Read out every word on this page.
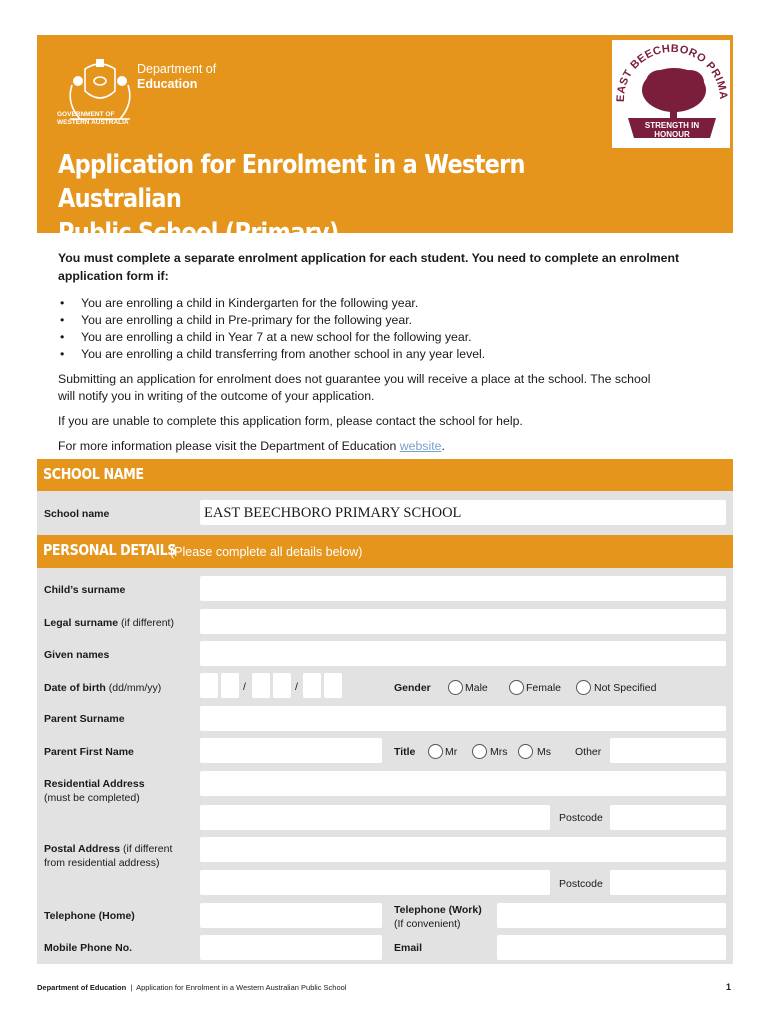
Department of
Education
GOVERNMENT OF
WESTERN AUSTRALIA
EAST BEECHBORO PRIMA
STRENGTH IN
HONOUR
Application for Enrolment in a Western Australian
Public School (Primary)
You must complete a separate enrolment application for each student. You need to complete an enrolment application form if:
• You are enrolling a child in Kindergarten for the following year.
• You are enrolling a child in Pre-primary for the following year.
• You are enrolling a child in Year 7 at a new school for the following year.
• You are enrolling a child transferring from another school in any year level.
Submitting an application for enrolment does not guarantee you will receive a place at the school. The school will notify you in writing of the outcome of your application.
If you are unable to complete this application form, please contact the school for help.
For more information please visit the Department of Education website.
SCHOOL NAME
School name	EAST BEECHBORO PRIMARY SCHOOL
PERSONAL DETAILS
(Please complete all details below)
Child’s surname
Legal surname (if different)
Given names
Date of birth (dd/mm/yy)	/	/	Gender	Male	Female	Not Specified
Parent Surname
Parent First Name	Title	Mr	Mrs	Ms Other
Residential Address
(must be completed)
Postcode
Postal Address (if different
from residential address)
Postcode
Telephone (Home)	Telephone (Work)
(If convenient)
Mobile Phone No.	Email
Department of Education | Application for Enrolment in a Western Australian Public School	1
